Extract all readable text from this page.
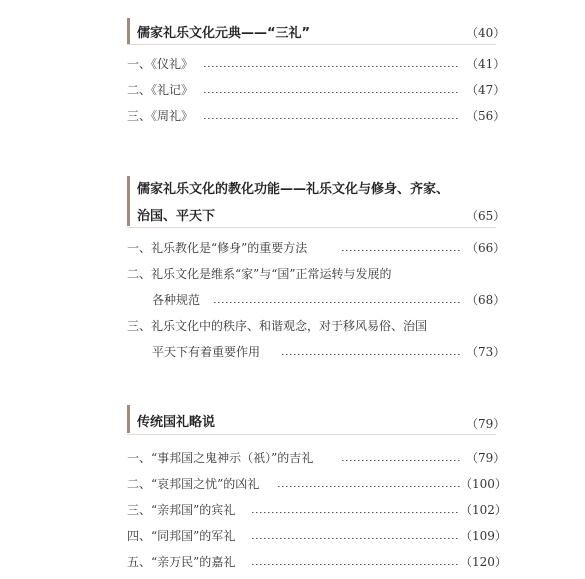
儒家礼乐文化元典——“三礼”	（40）
一、《仪礼》	（41）
二、《礼记》	（47）
三、《周礼》	（56）
儒家礼乐文化的教化功能——礼乐文化与修身、齐家、
治国、平天下	（65）
一、礼乐教化是“修身”的重要方法	（66）
二、礼乐文化是维系“家”与“国”正常运转与发展的
各种规范	（68）
三、礼乐文化中的秩序、和谐观念，对于移风易俗、治国
平天下有着重要作用	（73）
传统国礼略说	（79）
一、“事邦国之鬼神示（祇）”的吉礼	（79）
二、“哀邦国之忧”的凶礼	（100）
三、“亲邦国”的宾礼	（102）
四、“同邦国”的军礼	（109）
五、“亲万民”的嘉礼	（120）
